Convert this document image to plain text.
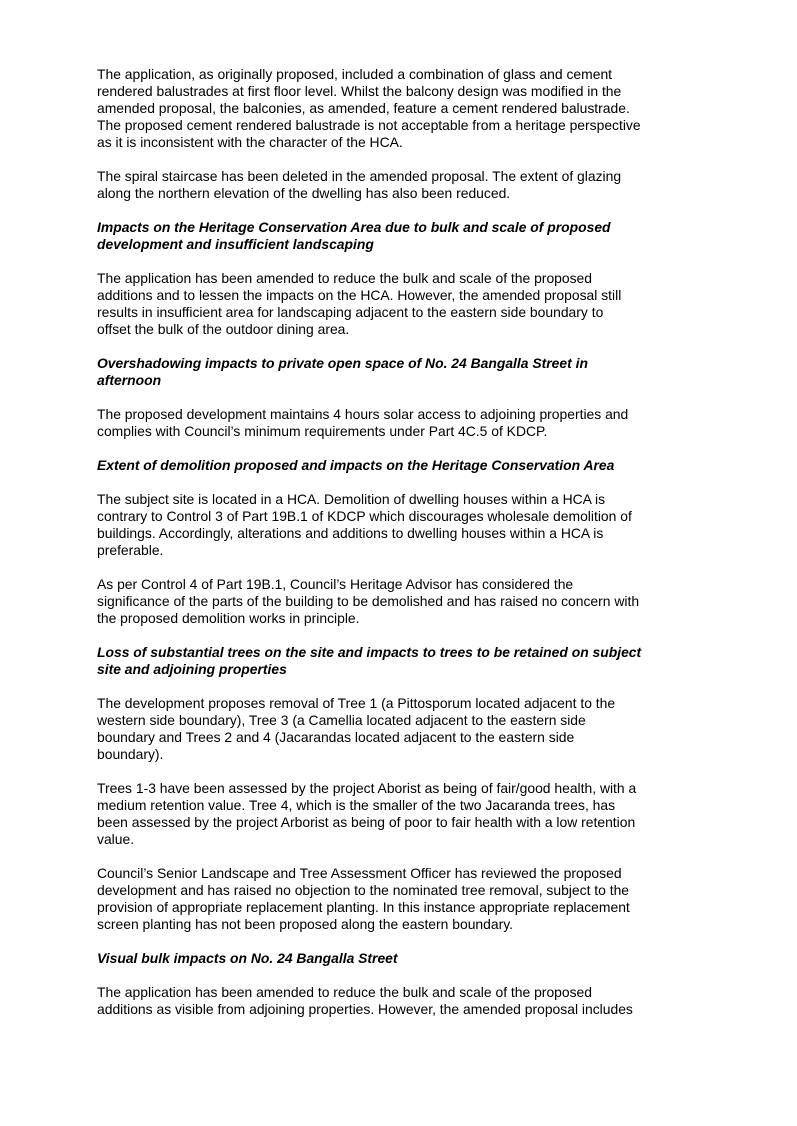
The application, as originally proposed, included a combination of glass and cement
rendered balustrades at first floor level. Whilst the balcony design was modified in the
amended proposal, the balconies, as amended, feature a cement rendered balustrade.
The proposed cement rendered balustrade is not acceptable from a heritage perspective
as it is inconsistent with the character of the HCA.

The spiral staircase has been deleted in the amended proposal. The extent of glazing
along the northern elevation of the dwelling has also been reduced.

Impacts on the Heritage Conservation Area due to bulk and scale of proposed
development and insufficient landscaping

The application has been amended to reduce the bulk and scale of the proposed
additions and to lessen the impacts on the HCA. However, the amended proposal still
results in insufficient area for landscaping adjacent to the eastern side boundary to
offset the bulk of the outdoor dining area.

Overshadowing impacts to private open space of No. 24 Bangalla Street in
afternoon

The proposed development maintains 4 hours solar access to adjoining properties and
complies with Council’s minimum requirements under Part 4C.5 of KDCP.

Extent of demolition proposed and impacts on the Heritage Conservation Area

The subject site is located in a HCA. Demolition of dwelling houses within a HCA is
contrary to Control 3 of Part 19B.1 of KDCP which discourages wholesale demolition of
buildings. Accordingly, alterations and additions to dwelling houses within a HCA is
preferable.

As per Control 4 of Part 19B.1, Council’s Heritage Advisor has considered the
significance of the parts of the building to be demolished and has raised no concern with
the proposed demolition works in principle.

Loss of substantial trees on the site and impacts to trees to be retained on subject
site and adjoining properties

The development proposes removal of Tree 1 (a Pittosporum located adjacent to the
western side boundary), Tree 3 (a Camellia located adjacent to the eastern side
boundary and Trees 2 and 4 (Jacarandas located adjacent to the eastern side
boundary).

Trees 1-3 have been assessed by the project Aborist as being of fair/good health, with a
medium retention value. Tree 4, which is the smaller of the two Jacaranda trees, has
been assessed by the project Arborist as being of poor to fair health with a low retention
value.

Council’s Senior Landscape and Tree Assessment Officer has reviewed the proposed
development and has raised no objection to the nominated tree removal, subject to the
provision of appropriate replacement planting. In this instance appropriate replacement
screen planting has not been proposed along the eastern boundary.

Visual bulk impacts on No. 24 Bangalla Street

The application has been amended to reduce the bulk and scale of the proposed
additions as visible from adjoining properties. However, the amended proposal includes
